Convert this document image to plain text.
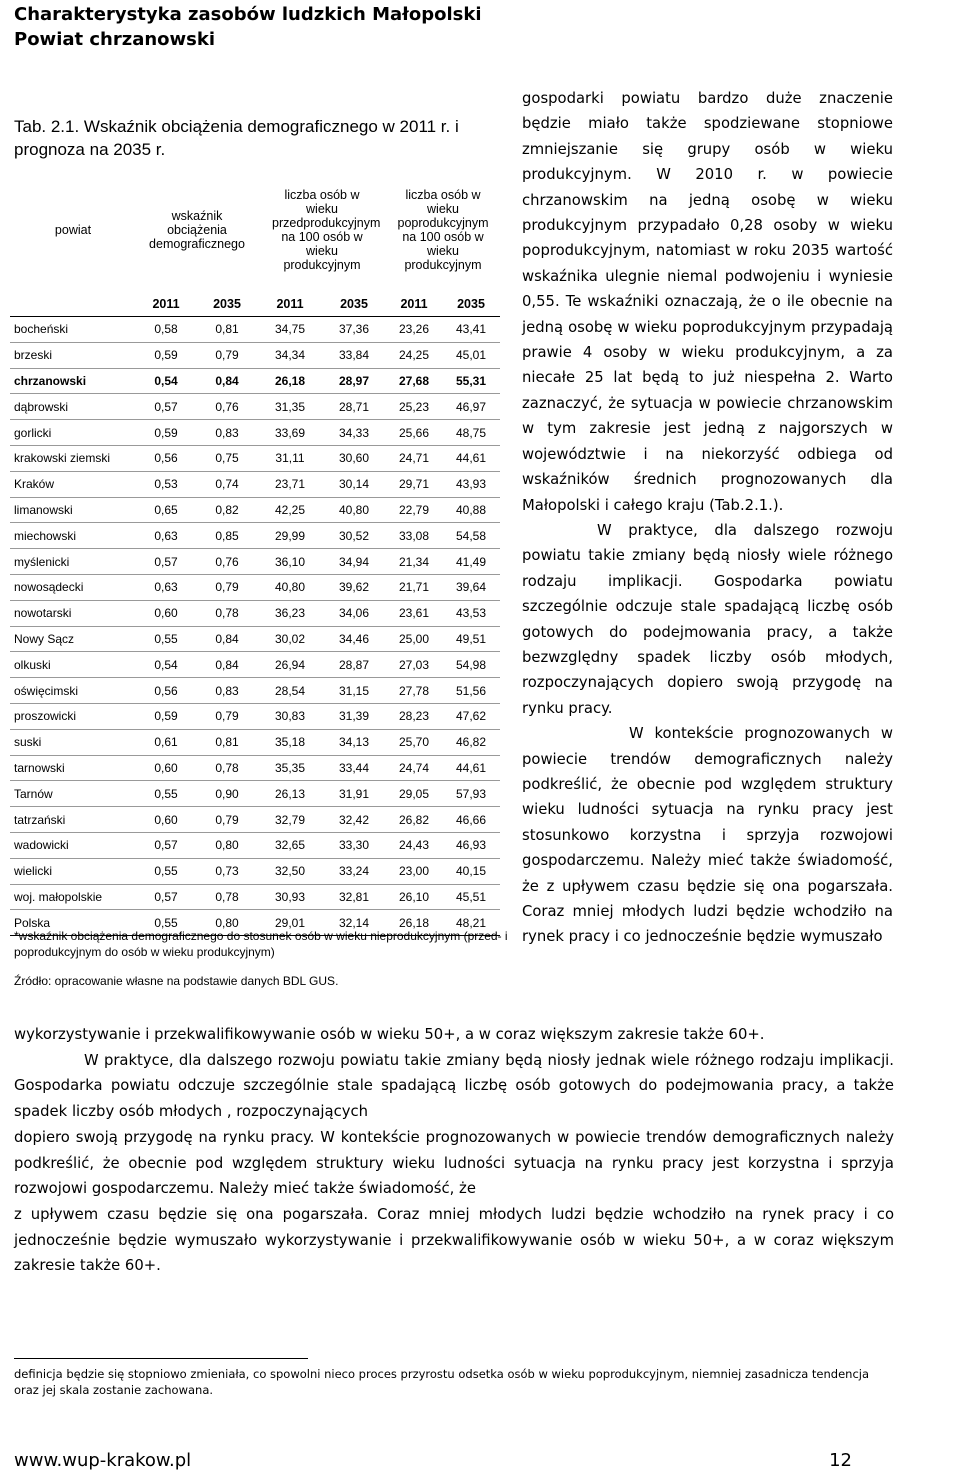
Charakterystyka zasobów ludzkich Małopolski
Powiat chrzanowski
Tab. 2.1. Wskaźnik obciążenia demograficznego w 2011 r. i prognoza na 2035 r.
powiat	wskaźnik obciążenia demograficznego		liczba osób w wieku przedprodukcyjnym na 100 osób w wieku produkcyjnym		liczba osób w wieku poprodukcyjnym na 100 osób w wieku produkcyjnym	
	2011	2035	2011	2035	2011	2035
bocheński	0,58	0,81	34,75	37,36	23,26	43,41
brzeski	0,59	0,79	34,34	33,84	24,25	45,01
chrzanowski	0,54	0,84	26,18	28,97	27,68	55,31
dąbrowski	0,57	0,76	31,35	28,71	25,23	46,97
gorlicki	0,59	0,83	33,69	34,33	25,66	48,75
krakowski ziemski	0,56	0,75	31,11	30,60	24,71	44,61
Kraków	0,53	0,74	23,71	30,14	29,71	43,93
limanowski	0,65	0,82	42,25	40,80	22,79	40,88
miechowski	0,63	0,85	29,99	30,52	33,08	54,58
myślenicki	0,57	0,76	36,10	34,94	21,34	41,49
nowosądecki	0,63	0,79	40,80	39,62	21,71	39,64
nowotarski	0,60	0,78	36,23	34,06	23,61	43,53
Nowy Sącz	0,55	0,84	30,02	34,46	25,00	49,51
olkuski	0,54	0,84	26,94	28,87	27,03	54,98
oświęcimski	0,56	0,83	28,54	31,15	27,78	51,56
proszowicki	0,59	0,79	30,83	31,39	28,23	47,62
suski	0,61	0,81	35,18	34,13	25,70	46,82
tarnowski	0,60	0,78	35,35	33,44	24,74	44,61
Tarnów	0,55	0,90	26,13	31,91	29,05	57,93
tatrzański	0,60	0,79	32,79	32,42	26,82	46,66
wadowicki	0,57	0,80	32,65	33,30	24,43	46,93
wielicki	0,55	0,73	32,50	33,24	23,00	40,15
woj. małopolskie	0,57	0,78	30,93	32,81	26,10	45,51
Polska	0,55	0,80	29,01	32,14	26,18	48,21
*wskaźnik obciążenia demograficznego do stosunek osób w wieku nieprodukcyjnym (przed- i poprodukcyjnym do osób w wieku produkcyjnym)
Źródło: opracowanie własne na podstawie danych BDL GUS.

gospodarki powiatu bardzo duże znaczenie będzie miało także spodziewane stopniowe zmniejszanie się grupy osób w wieku produkcyjnym. W 2010 r. w powiecie chrzanowskim na jedną osobę w wieku produkcyjnym przypadało 0,28 osoby w wieku poprodukcyjnym, natomiast w roku 2035 wartość wskaźnika ulegnie niemal podwojeniu i wyniesie 0,55. Te wskaźniki oznaczają, że o ile obecnie na jedną osobę w wieku poprodukcyjnym przypadają prawie 4 osoby w wieku produkcyjnym, a za niecałe 25 lat będą to już niespełna 2. Warto zaznaczyć, że sytuacja w powiecie chrzanowskim w tym zakresie jest jedną z najgorszych w województwie i na niekorzyść odbiega od wskaźników średnich prognozowanych dla Małopolski i całego kraju (Tab.2.1.).

W praktyce, dla dalszego rozwoju powiatu takie zmiany będą niosły wiele różnego rodzaju implikacji. Gospodarka powiatu szczególnie odczuje stale spadającą liczbę osób gotowych do podejmowania pracy, a także bezwzględny spadek liczby osób młodych, rozpoczynających dopiero swoją przygodę na rynku pracy.

W kontekście prognozowanych w powiecie trendów demograficznych należy podkreślić, że obecnie pod względem struktury wieku ludności sytuacja na rynku pracy jest stosunkowo korzystna i sprzyja rozwojowi gospodarczemu. Należy mieć także świadomość, że z upływem czasu będzie się ona pogarszała. Coraz mniej młodych ludzi będzie wchodziło na rynek pracy i co jednocześnie będzie wymuszało

wykorzystywanie i przekwalifikowywanie osób w wieku 50+, a w coraz większym zakresie także 60+.

W praktyce, dla dalszego rozwoju powiatu takie zmiany będą niosły jednak wiele różnego rodzaju implikacji. Gospodarka powiatu odczuje szczególnie stale spadającą liczbę osób gotowych do podejmowania pracy, a także spadek liczby osób młodych , rozpoczynających

dopiero swoją przygodę na rynku pracy. W kontekście prognozowanych w powiecie trendów demograficznych należy podkreślić, że obecnie pod względem struktury wieku ludności sytuacja na rynku pracy jest korzystna i sprzyja rozwojowi gospodarczemu. Należy mieć także świadomość, że

z upływem czasu będzie się ona pogarszała. Coraz mniej młodych ludzi będzie wchodziło na rynek pracy i co jednocześnie będzie wymuszało wykorzystywanie i przekwalifikowywanie osób w wieku 50+, a w coraz większym zakresie także 60+.

definicja będzie się stopniowo zmieniała, co spowolni nieco proces przyrostu odsetka osób w wieku poprodukcyjnym, niemniej zasadnicza tendencja oraz jej skala zostanie zachowana.
www.wup-krakow.pl	12
